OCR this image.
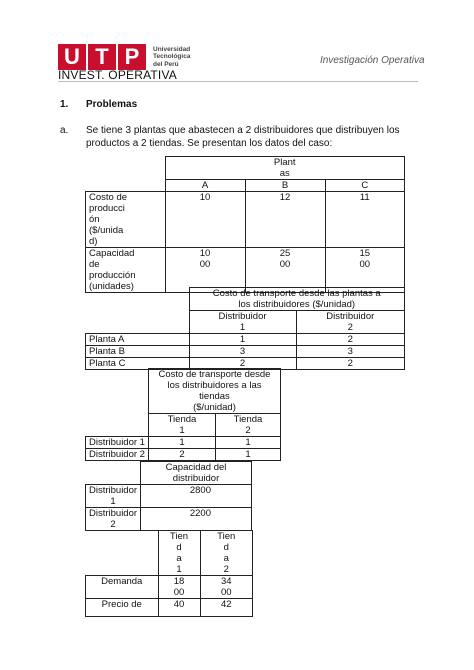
U T P	Universidad
Tecnológica
del Perú
INVEST. OPERATIVA
Investigación Operativa
1. Problemas
a. Se tiene 3 plantas que abastecen a 2 distribuidores que distribuyen los productos a 2 tiendas. Se presentan los datos del caso:
	Plant
as		
	A	B	C
Costo de
producci
ón
($/unida
d)	10	12	11
Capacidad
de
producción
(unidades)	10
00	25
00	15
00
	Costo de transporte desde las plantas a
los distribuidores ($/unidad)	
	Distribuidor
1	Distribuidor
2
Planta A	1	2
Planta B	3	3
Planta C	2	2
	Costo de transporte desde
los distribuidores a las
tiendas
($/unidad)	
	Tienda
1	Tienda
2
Distribuidor 1	1	1
Distribuidor 2	2	1
	Capacidad del
distribuidor
Distribuidor
1	2800
Distribuidor
2	2200
	Tien
d
a
1	Tien
d
a
2
Demanda	18
00	34
00
Precio de	40	42
